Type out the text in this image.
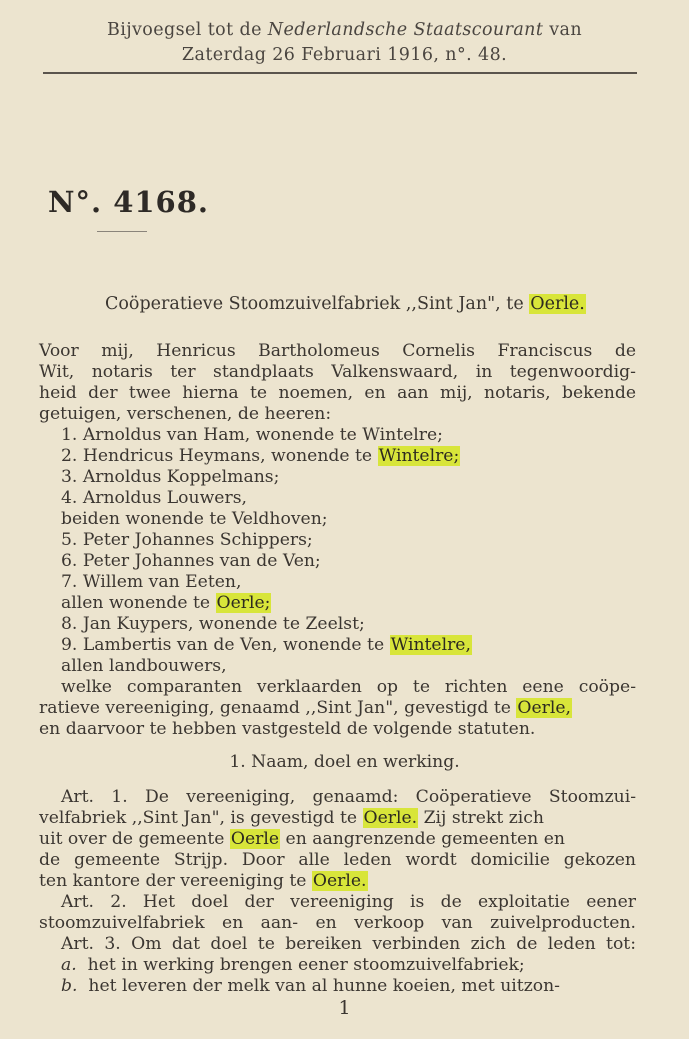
Bijvoegsel tot de Nederlandsche Staatscourant van
Zaterdag 26 Februari 1916, n°. 48.
N°. 4168.
Coöperatieve Stoomzuivelfabriek ,,Sint Jan", te Oerle.
Voor mij, Henricus Bartholomeus Cornelis Franciscus de
Wit, notaris ter standplaats Valkenswaard, in tegenwoordig-
heid der twee hierna te noemen, en aan mij, notaris, bekende
getuigen, verschenen, de heeren:
1. Arnoldus van Ham, wonende te Wintelre;
2. Hendricus Heymans, wonende te Wintelre;
3. Arnoldus Koppelmans;
4. Arnoldus Louwers,
beiden wonende te Veldhoven;
5. Peter Johannes Schippers;
6. Peter Johannes van de Ven;
7. Willem van Eeten,
allen wonende te Oerle;
8. Jan Kuypers, wonende te Zeelst;
9. Lambertis van de Ven, wonende te Wintelre,
allen landbouwers,
welke comparanten verklaarden op te richten eene coöpe-
ratieve vereeniging, genaamd ,,Sint Jan", gevestigd te Oerle,
en daarvoor te hebben vastgesteld de volgende statuten.
1. Naam, doel en werking.
Art. 1. De vereeniging, genaamd: Coöperatieve Stoomzui-
velfabriek ,,Sint Jan", is gevestigd te Oerle. Zij strekt zich
uit over de gemeente Oerle en aangrenzende gemeenten en
de gemeente Strijp. Door alle leden wordt domicilie gekozen
ten kantore der vereeniging te Oerle.
Art. 2. Het doel der vereeniging is de exploitatie eener
stoomzuivelfabriek en aan- en verkoop van zuivelproducten.
Art. 3. Om dat doel te bereiken verbinden zich de leden tot:
a. het in werking brengen eener stoomzuivelfabriek;
b. het leveren der melk van al hunne koeien, met uitzon-
1
